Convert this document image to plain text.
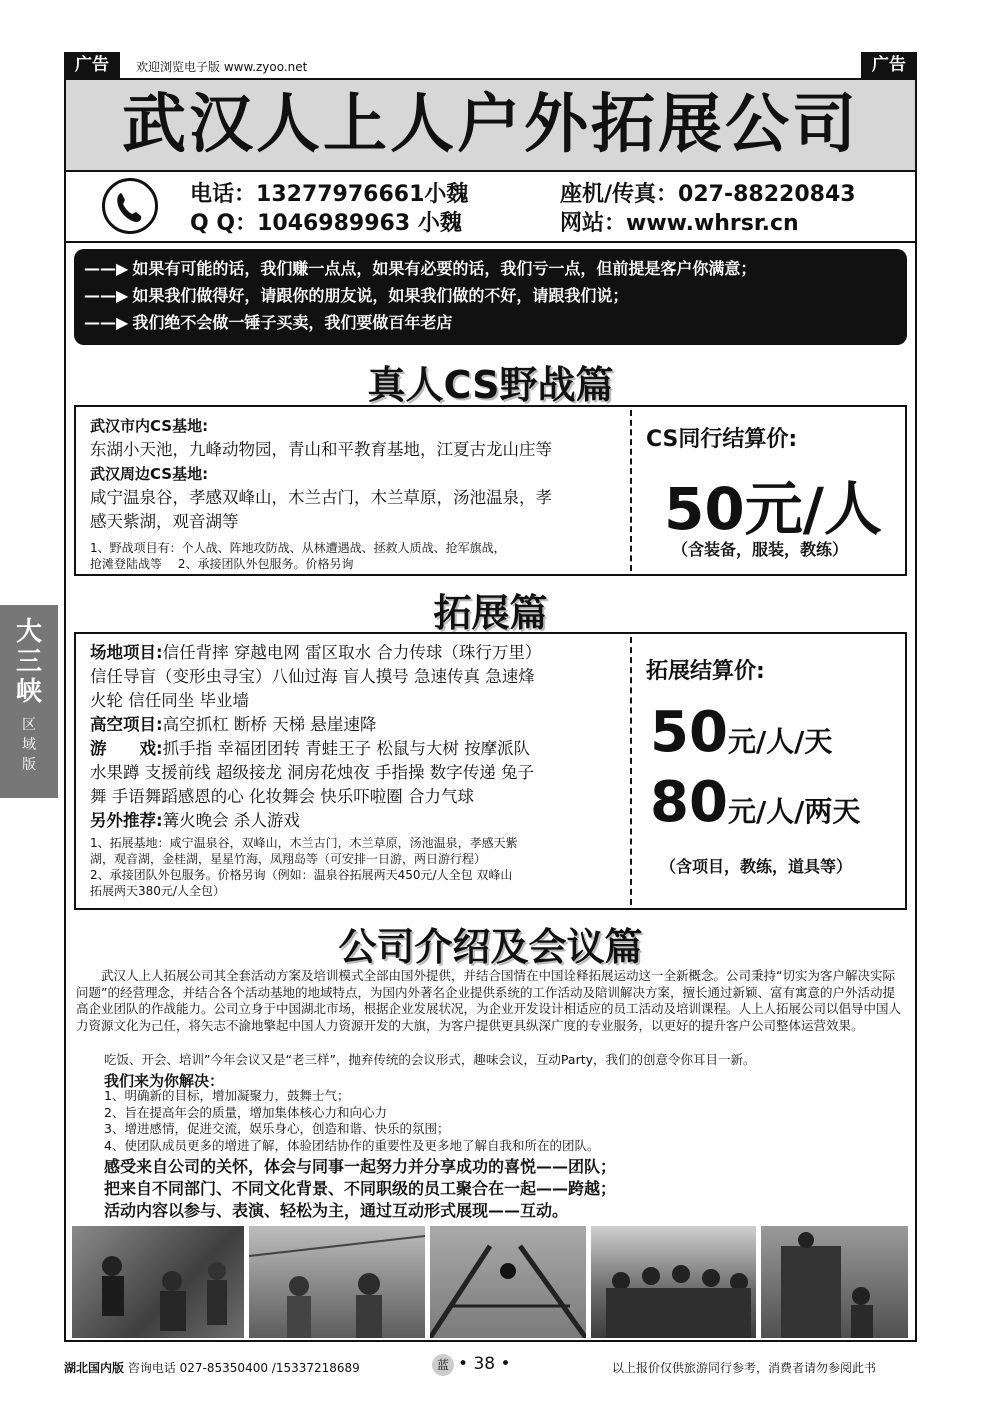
广告	欢迎浏览电子版 www.zyoo.net	广告
武汉人上人户外拓展公司
电话：13277976661小魏
Q Q：1046989963 小魏
座机/传真：027-88220843
网站：www.whrsr.cn
——▶ 如果有可能的话，我们赚一点点，如果有必要的话，我们亏一点，但前提是客户你满意；
——▶ 如果我们做得好，请跟你的朋友说，如果我们做的不好，请跟我们说；
——▶ 我们绝不会做一锤子买卖，我们要做百年老店
真人CS野战篇
武汉市内CS基地:
东湖小天池，九峰动物园，青山和平教育基地，江夏古龙山庄等
武汉周边CS基地:
咸宁温泉谷，孝感双峰山，木兰古门，木兰草原，汤池温泉，孝
感天紫湖，观音湖等
1、野战项目有：个人战、阵地攻防战、从林遭遇战、拯救人质战、抢军旗战，
抢滩登陆战等　 2、承接团队外包服务。价格另询
CS同行结算价:
50元/人
（含装备，服装，教练）
拓展篇
场地项目:信任背摔 穿越电网 雷区取水 合力传球（珠行万里）
信任导盲（变形虫寻宝）八仙过海 盲人摸号 急速传真 急速烽
火轮 信任同坐 毕业墙
高空项目:高空抓杠 断桥 天梯 悬崖速降
游　　戏:抓手指 幸福团团转 青蛙王子 松鼠与大树 按摩派队
水果蹲 支援前线 超级接龙 洞房花烛夜 手指操 数字传递 兔子
舞 手语舞蹈感恩的心 化妆舞会 快乐吓啦圈 合力气球
另外推荐:篝火晚会 杀人游戏
1、拓展基地：咸宁温泉谷，双峰山，木兰古门，木兰草原，汤池温泉，孝感天紫
湖，观音湖，金桂湖，星星竹海，凤翔岛等（可安排一日游，两日游行程）
2、承接团队外包服务。价格另询（例如：温泉谷拓展两天450元/人全包 双峰山
拓展两天380元/人全包）
拓展结算价:
50元/人/天
80元/人/两天
（含项目，教练，道具等）
公司介绍及会议篇
武汉人上人拓展公司其全套活动方案及培训模式全部由国外提供，并结合国情在中国诠释拓展运动这一全新概念。公司秉持“切实为客户解决实际问题”的经营理念，并结合各个活动基地的地域特点，为国内外著名企业提供系统的工作活动及陪训解决方案，擅长通过新颖、富有寓意的户外活动提高企业团队的作战能力。公司立身于中国湖北市场，根据企业发展状况，为企业开发设计相适应的员工活动及培训课程。人上人拓展公司以倡导中国人力资源文化为己任，将矢志不渝地擎起中国人力资源开发的大旗，为客户提供更具纵深广度的专业服务，以更好的提升客户公司整体运营效果。
吃饭、开会、培训”今年会议又是“老三样”，抛弃传统的会议形式，趣味会议，互动Party，我们的创意令你耳目一新。
我们来为你解决：
1、明确新的目标，增加凝聚力，鼓舞士气；
2、旨在提高年会的质量，增加集体核心力和向心力
3、增进感情，促进交流，娱乐身心，创造和谐、快乐的氛围；
4、使团队成员更多的增进了解，体验团结协作的重要性及更多地了解自我和所在的团队。
感受来自公司的关怀，体会与同事一起努力并分享成功的喜悦——团队；
把来自不同部门、不同文化背景、不同职级的员工聚合在一起——跨越；
活动内容以参与、表演、轻松为主，通过互动形式展现——互动。
大三峡
区域版
湖北国内版 咨询电话 027-85350400 /15337218689	蓝 • 38 •	以上报价仅供旅游同行参考，消费者请勿参阅此书
